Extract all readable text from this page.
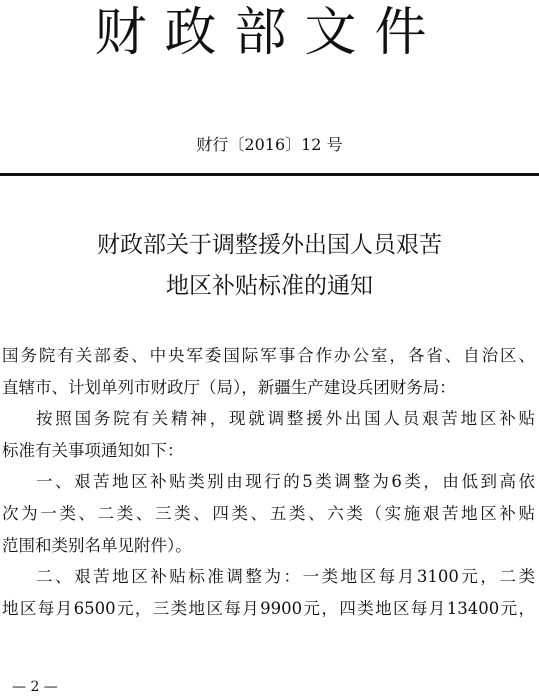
财政部文件
财行〔2016〕12 号
财政部关于调整援外出国人员艰苦
地区补贴标准的通知
国务院有关部委、中央军委国际军事合作办公室，各省、自治区、
直辖市、计划单列市财政厅（局），新疆生产建设兵团财务局：
按照国务院有关精神，现就调整援外出国人员艰苦地区补贴
标准有关事项通知如下：
一、艰苦地区补贴类别由现行的5类调整为6类，由低到高依
次为一类、二类、三类、四类、五类、六类（实施艰苦地区补贴
范围和类别名单见附件）。
二、艰苦地区补贴标准调整为：一类地区每月3100元，二类
地区每月6500元，三类地区每月9900元，四类地区每月13400元，
— 2 —
